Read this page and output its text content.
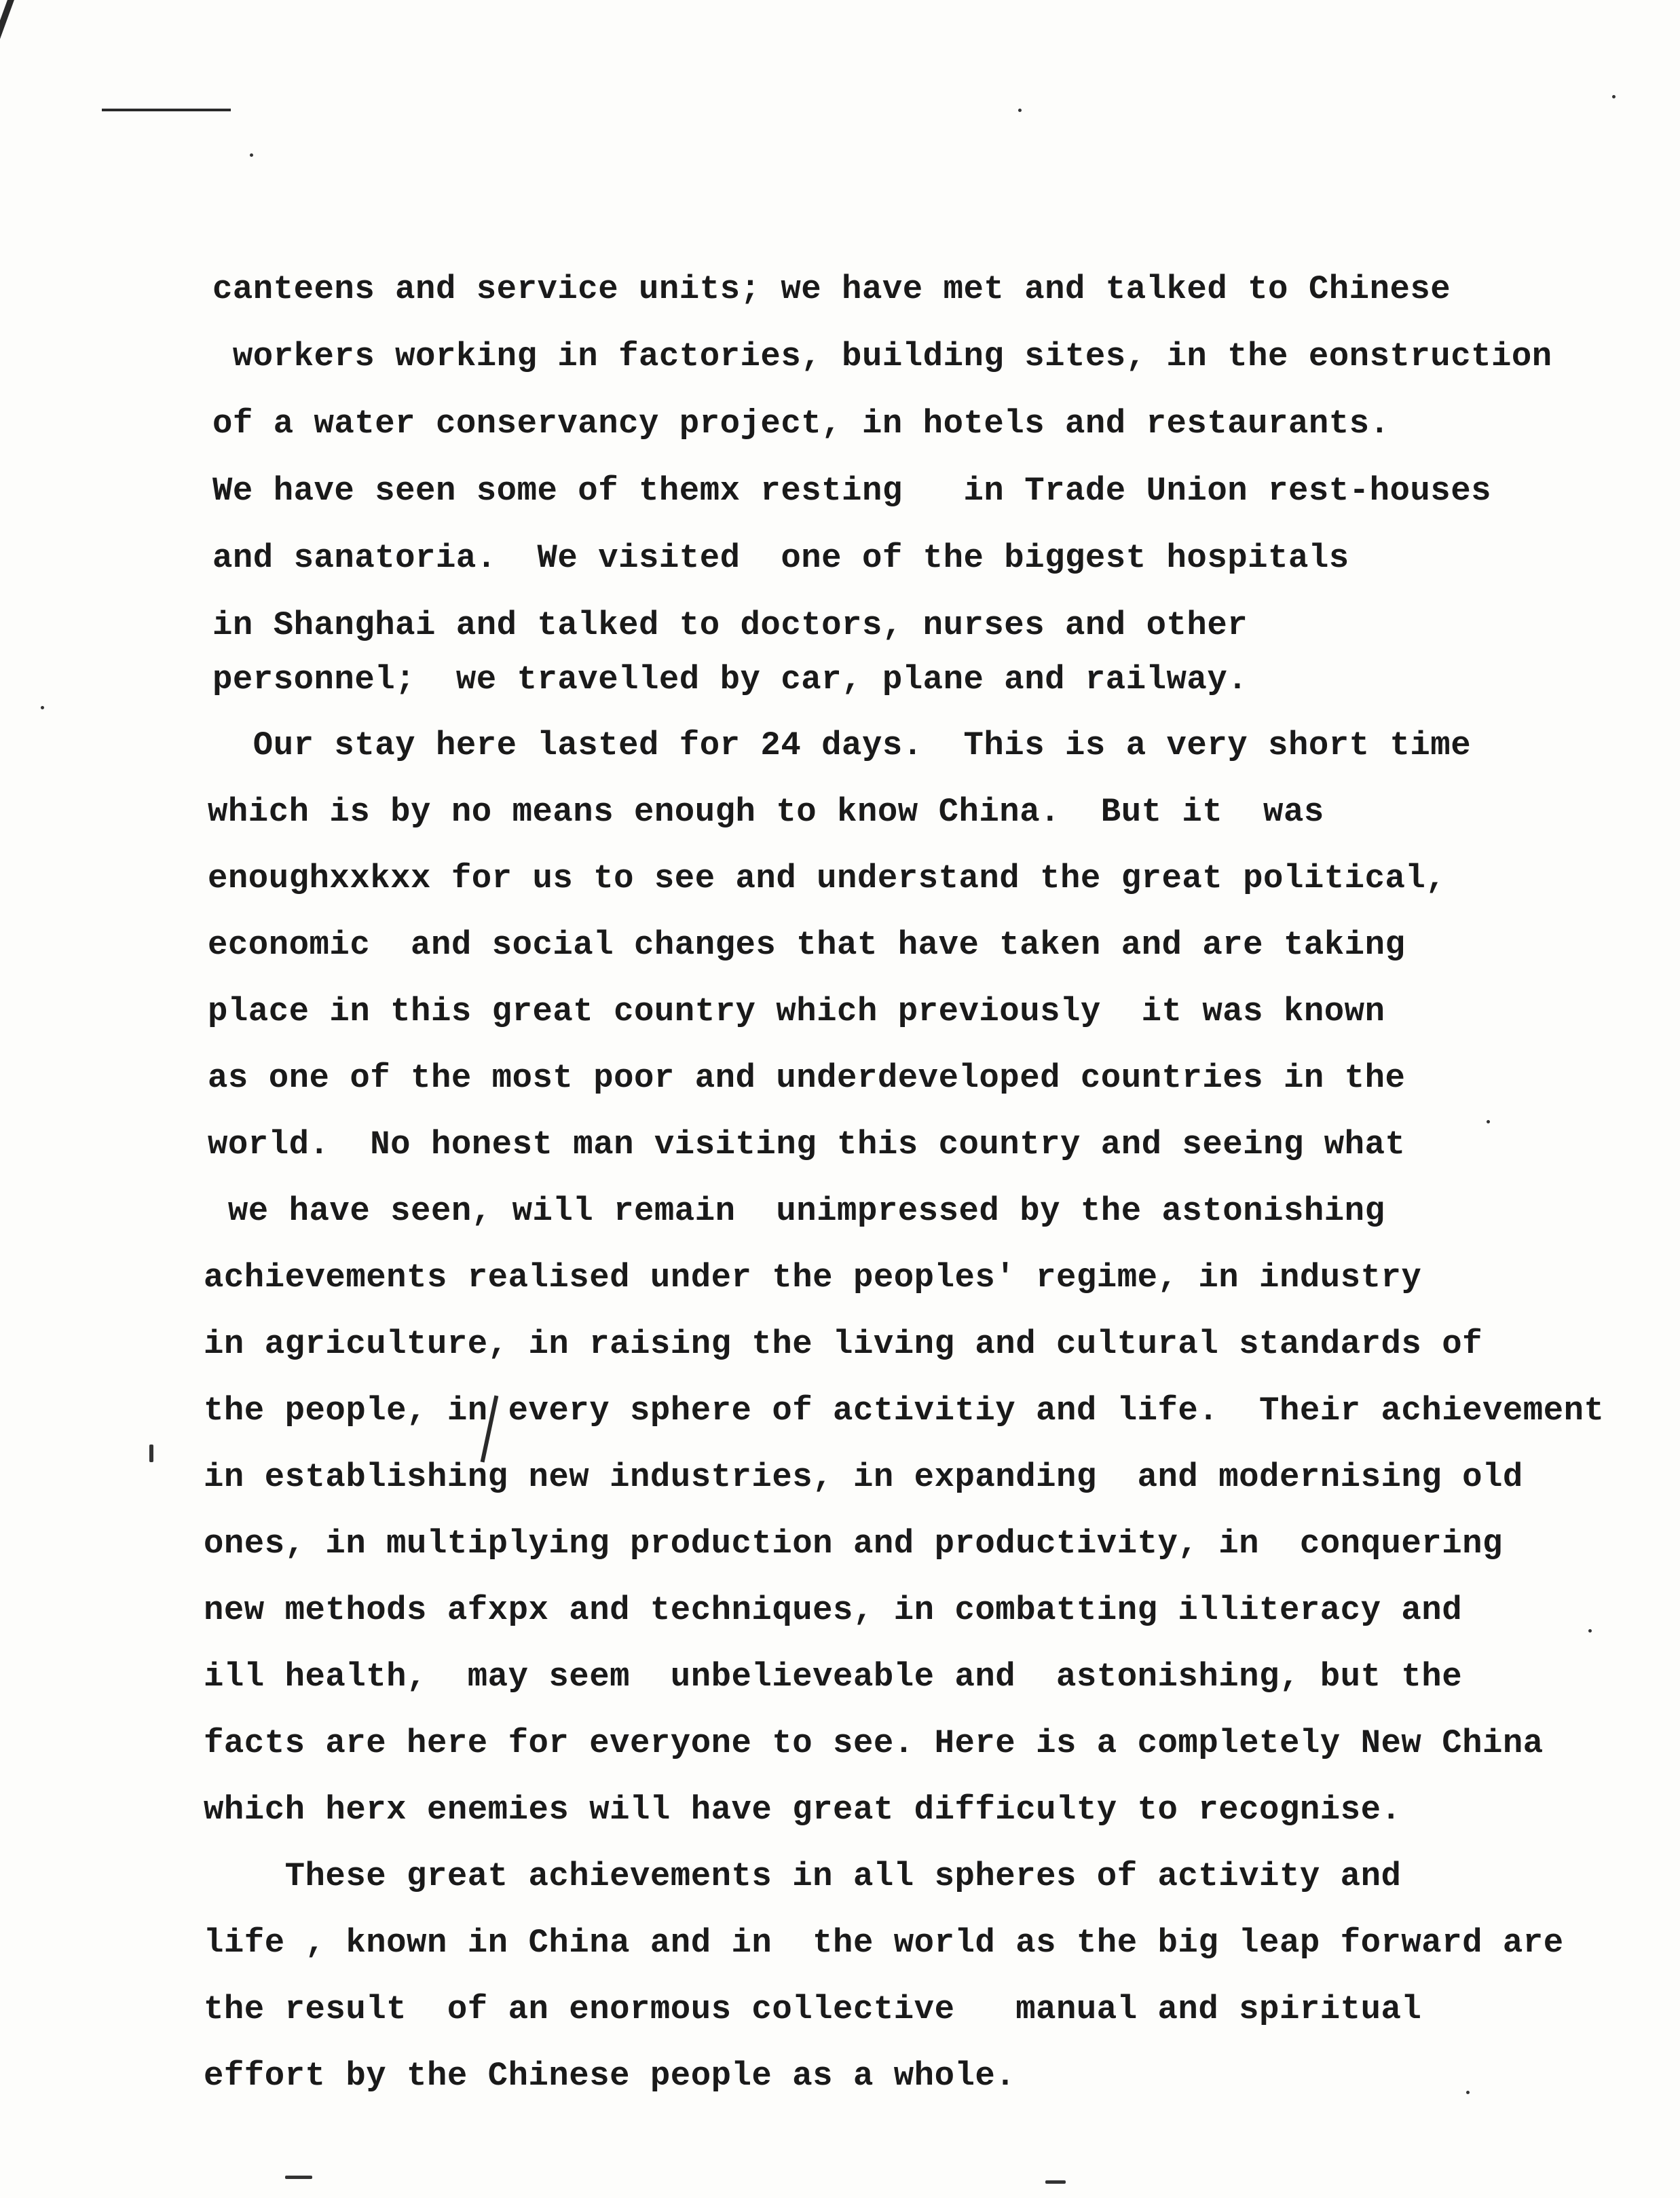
canteens and service units; we have met and talked to Chinese
workers working in factories, building sites, in the eonstruction
of a water conservancy project, in hotels and restaurants.
We have seen some of themx resting   in Trade Union rest-houses
and sanatoria.  We visited  one of the biggest hospitals
in Shanghai and talked to doctors, nurses and other
personnel;  we travelled by car, plane and railway.
Our stay here lasted for 24 days.  This is a very short time
which is by no means enough to know China.  But it  was
enoughxxkxx for us to see and understand the great political,
economic  and social changes that have taken and are taking
place in this great country which previously  it was known
as one of the most poor and underdeveloped countries in the
world.  No honest man visiting this country and seeing what
we have seen, will remain  unimpressed by the astonishing
achievements realised under the peoples' regime, in industry
in agriculture, in raising the living and cultural standards of
the people, in every sphere of activitiy and life.  Their achievement
in establishing new industries, in expanding  and modernising old
ones, in multiplying production and productivity, in  conquering
new methods afxpx and techniques, in combatting illiteracy and
ill health,  may seem  unbelieveable and  astonishing, but the
facts are here for everyone to see. Here is a completely New China
which herx enemies will have great difficulty to recognise.
These great achievements in all spheres of activity and
life , known in China and in  the world as the big leap forward are
the result  of an enormous collective   manual and spiritual
effort by the Chinese people as a whole.
